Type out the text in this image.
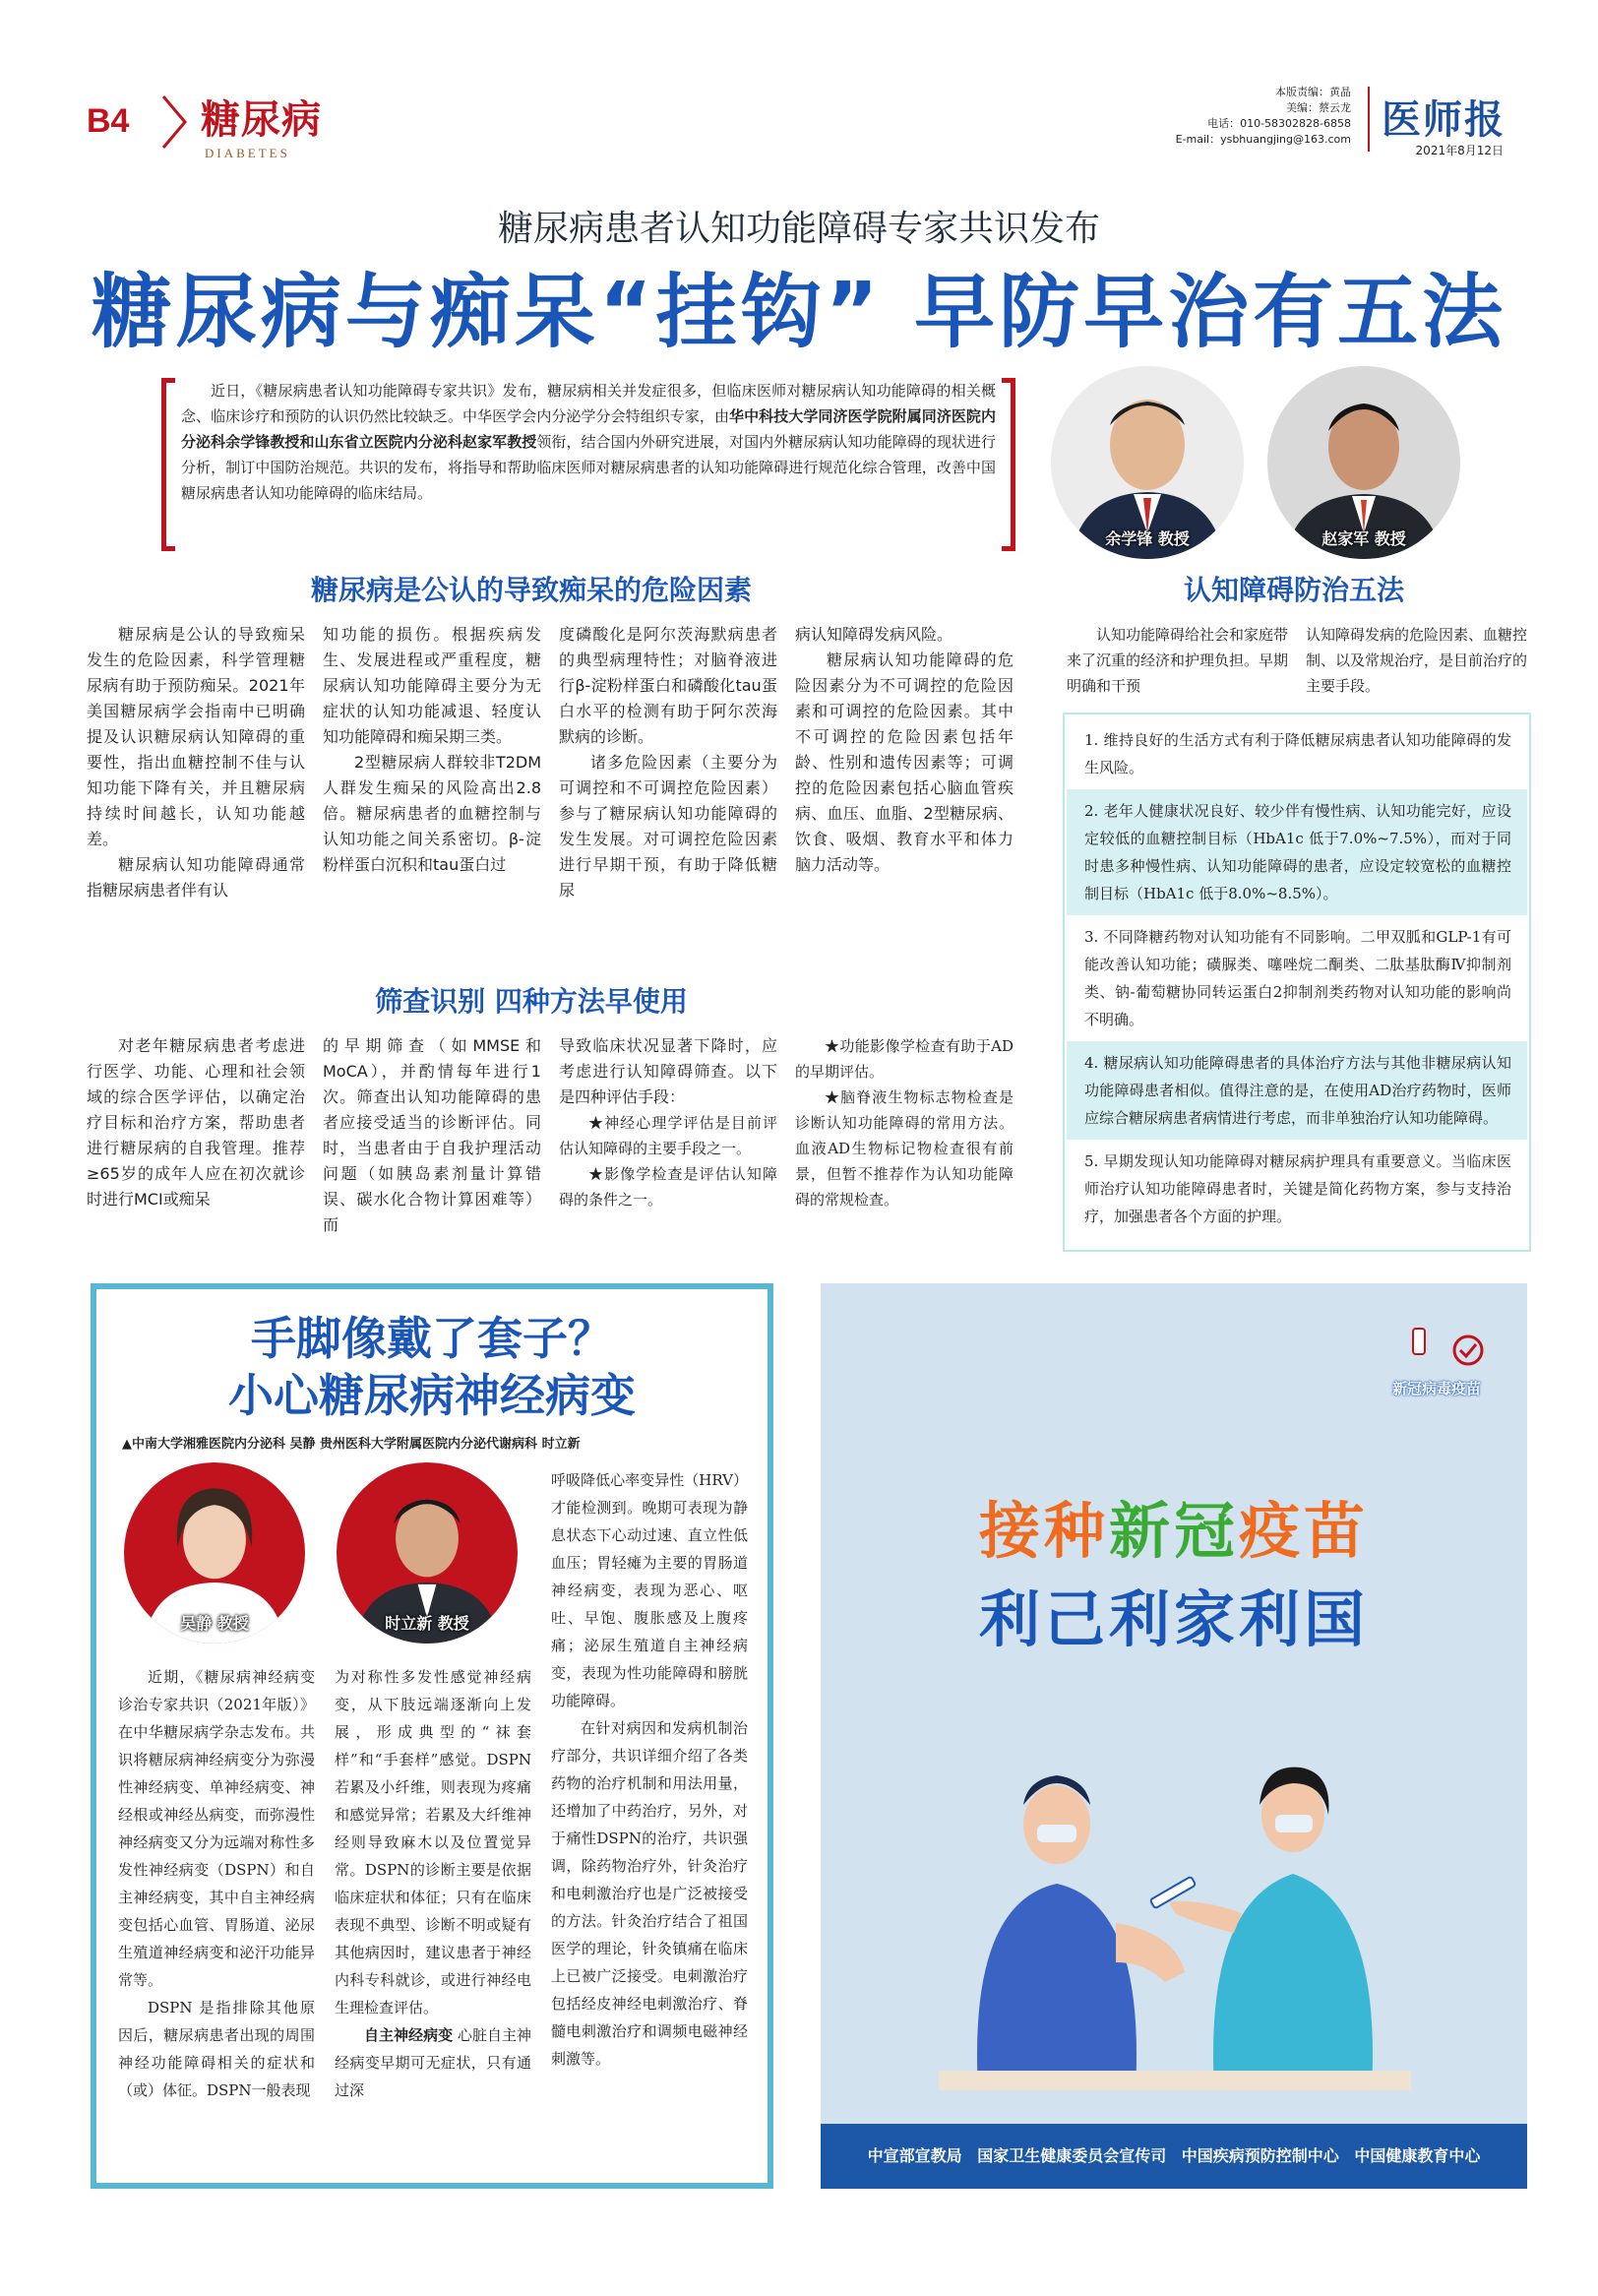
B4 糖尿病
DIABETES
本版责编：黄晶
美编：蔡云龙
电话：010-58302828-6858
E-mail：ysbhuangjing@163.com 医师报
2021年8月12日
糖尿病患者认知功能障碍专家共识发布
糖尿病与痴呆“挂钩” 早防早治有五法

近日，《糖尿病患者认知功能障碍专家共识》发布，糖尿病相关并发症很多，但临床医师对糖尿病认知功能障碍的相关概念、临床诊疗和预防的认识仍然比较缺乏。中华医学会内分泌学分会特组织专家，由华中科技大学同济医学院附属同济医院内分泌科余学锋教授和山东省立医院内分泌科赵家军教授领衔，结合国内外研究进展，对国内外糖尿病认知功能障碍的现状进行分析，制订中国防治规范。共识的发布，将指导和帮助临床医师对糖尿病患者的认知功能障碍进行规范化综合管理，改善中国糖尿病患者认知功能障碍的临床结局。

余学锋 教授	赵家军 教授
糖尿病是公认的导致痴呆的危险因素

糖尿病是公认的导致痴呆发生的危险因素，科学管理糖尿病有助于预防痴呆。2021年美国糖尿病学会指南中已明确提及认识糖尿病认知障碍的重要性，指出血糖控制不佳与认知功能下降有关，并且糖尿病持续时间越长，认知功能越差。

糖尿病认知功能障碍通常指糖尿病患者伴有认

知功能的损伤。根据疾病发生、发展进程或严重程度，糖尿病认知功能障碍主要分为无症状的认知功能减退、轻度认知功能障碍和痴呆期三类。

2型糖尿病人群较非T2DM人群发生痴呆的风险高出2.8倍。糖尿病患者的血糖控制与认知功能之间关系密切。β-淀粉样蛋白沉积和tau蛋白过

度磷酸化是阿尔茨海默病患者的典型病理特性；对脑脊液进行β-淀粉样蛋白和磷酸化tau蛋白水平的检测有助于阿尔茨海默病的诊断。

诸多危险因素（主要分为可调控和不可调控危险因素）参与了糖尿病认知功能障碍的发生发展。对可调控危险因素进行早期干预，有助于降低糖尿

病认知障碍发病风险。

糖尿病认知功能障碍的危险因素分为不可调控的危险因素和可调控的危险因素。其中不可调控的危险因素包括年龄、性别和遗传因素等；可调控的危险因素包括心脑血管疾病、血压、血脂、2型糖尿病、饮食、吸烟、教育水平和体力脑力活动等。

筛查识别 四种方法早使用

对老年糖尿病患者考虑进行医学、功能、心理和社会领域的综合医学评估，以确定治疗目标和治疗方案，帮助患者进行糖尿病的自我管理。推荐≥65岁的成年人应在初次就诊时进行MCI或痴呆

的早期筛查（如MMSE和MoCA），并酌情每年进行1次。筛查出认知功能障碍的患者应接受适当的诊断评估。同时，当患者由于自我护理活动问题（如胰岛素剂量计算错误、碳水化合物计算困难等）而

导致临床状况显著下降时，应考虑进行认知障碍筛查。以下是四种评估手段：

★神经心理学评估是目前评估认知障碍的主要手段之一。

★影像学检查是评估认知障碍的条件之一。

★功能影像学检查有助于AD的早期评估。

★脑脊液生物标志物检查是诊断认知功能障碍的常用方法。血液AD生物标记物检查很有前景，但暂不推荐作为认知功能障碍的常规检查。

认知障碍防治五法

认知功能障碍给社会和家庭带来了沉重的经济和护理负担。早期明确和干预

认知障碍发病的危险因素、血糖控制、以及常规治疗，是目前治疗的主要手段。

1. 维持良好的生活方式有利于降低糖尿病患者认知功能障碍的发生风险。
2. 老年人健康状况良好、较少伴有慢性病、认知功能完好，应设定较低的血糖控制目标（HbA1c 低于7.0%~7.5%），而对于同时患多种慢性病、认知功能障碍的患者，应设定较宽松的血糖控制目标（HbA1c 低于8.0%~8.5%）。
3. 不同降糖药物对认知功能有不同影响。二甲双胍和GLP-1有可能改善认知功能；磺脲类、噻唑烷二酮类、二肽基肽酶Ⅳ抑制剂类、钠-葡萄糖协同转运蛋白2抑制剂类药物对认知功能的影响尚不明确。
4. 糖尿病认知功能障碍患者的具体治疗方法与其他非糖尿病认知功能障碍患者相似。值得注意的是，在使用AD治疗药物时，医师应综合糖尿病患者病情进行考虑，而非单独治疗认知功能障碍。
5. 早期发现认知功能障碍对糖尿病护理具有重要意义。当临床医师治疗认知功能障碍患者时，关键是简化药物方案，参与支持治疗，加强患者各个方面的护理。
手脚像戴了套子？
小心糖尿病神经病变
▲中南大学湘雅医院内分泌科 吴静 贵州医科大学附属医院内分泌代谢病科 时立新
吴静 教授	时立新 教授

近期，《糖尿病神经病变诊治专家共识（2021年版）》在中华糖尿病学杂志发布。共识将糖尿病神经病变分为弥漫性神经病变、单神经病变、神经根或神经丛病变，而弥漫性神经病变又分为远端对称性多发性神经病变（DSPN）和自主神经病变，其中自主神经病变包括心血管、胃肠道、泌尿生殖道神经病变和泌汗功能异常等。

DSPN 是指排除其他原因后，糖尿病患者出现的周围神经功能障碍相关的症状和（或）体征。DSPN一般表现

为对称性多发性感觉神经病变，从下肢远端逐渐向上发展，形成典型的“袜套样”和“手套样”感觉。DSPN若累及小纤维，则表现为疼痛和感觉异常；若累及大纤维神经则导致麻木以及位置觉异常。DSPN的诊断主要是依据临床症状和体征；只有在临床表现不典型、诊断不明或疑有其他病因时，建议患者于神经内科专科就诊，或进行神经电生理检查评估。

自主神经病变 心脏自主神经病变早期可无症状，只有通过深

呼吸降低心率变异性（HRV）才能检测到。晚期可表现为静息状态下心动过速、直立性低血压；胃轻瘫为主要的胃肠道神经病变，表现为恶心、呕吐、早饱、腹胀感及上腹疼痛；泌尿生殖道自主神经病变，表现为性功能障碍和膀胱功能障碍。

在针对病因和发病机制治疗部分，共识详细介绍了各类药物的治疗机制和用法用量，还增加了中药治疗，另外，对于痛性DSPN的治疗，共识强调，除药物治疗外，针灸治疗和电刺激治疗也是广泛被接受的方法。针灸治疗结合了祖国医学的理论，针灸镇痛在临床上已被广泛接受。电刺激治疗包括经皮神经电刺激治疗、脊髓电刺激治疗和调频电磁神经刺激等。

新冠病毒疫苗
接种新冠疫苗
利己利家利国
中宣部宣教局 国家卫生健康委员会宣传司 中国疾病预防控制中心 中国健康教育中心
